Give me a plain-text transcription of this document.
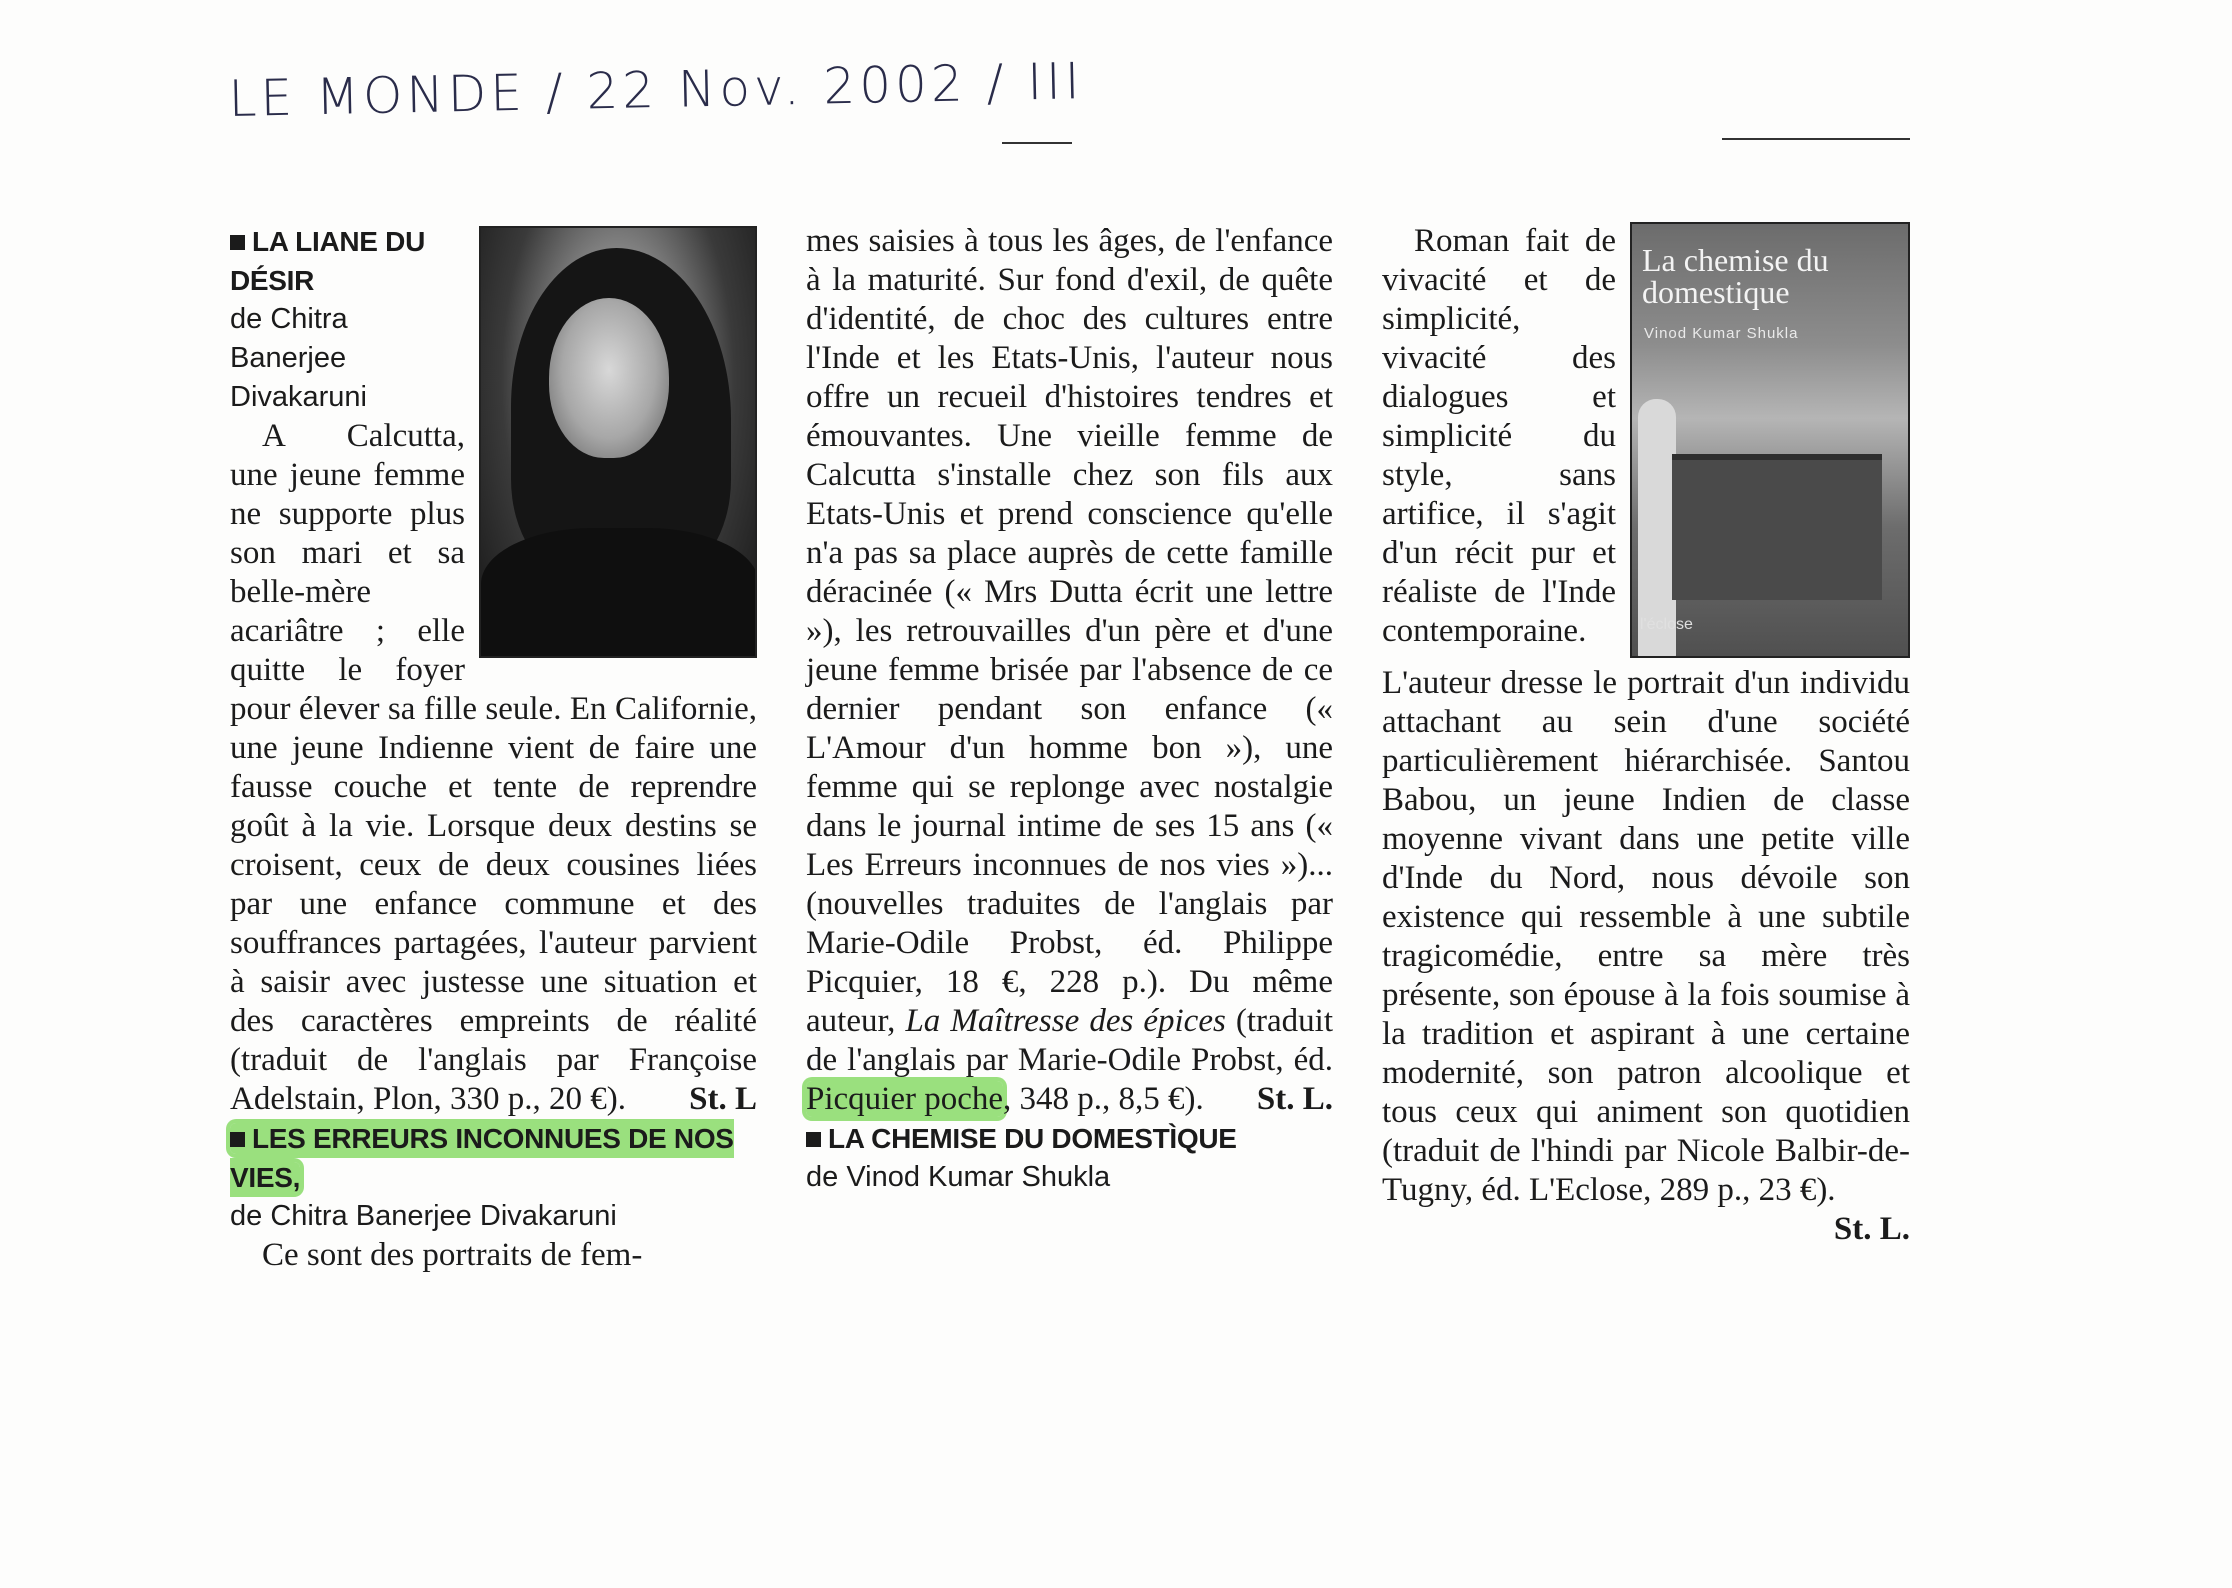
LE MONDE / 22 Nov. 2002 / III
LA LIANE DU DÉSIR
de Chitra Banerjee Divakaruni

A Calcutta, une jeune femme ne supporte plus son mari et sa belle-mère acariâtre ; elle quitte le foyer pour élever sa fille seule. En Californie, une jeune Indienne vient de faire une fausse couche et tente de reprendre goût à la vie. Lorsque deux destins se croisent, ceux de deux cousines liées par une enfance commune et des souffrances partagées, l'auteur parvient à saisir avec justesse une situation et des caractères empreints de réalité (traduit de l'anglais par Françoise Adelstain, Plon, 330 p., 20 €).	St. L

LES ERREURS INCONNUES DE NOS VIES,
de Chitra Banerjee Divakaruni

Ce sont des portraits de fem-

mes saisies à tous les âges, de l'enfance à la maturité. Sur fond d'exil, de quête d'identité, de choc des cultures entre l'Inde et les Etats-Unis, l'auteur nous offre un recueil d'histoires tendres et émouvantes. Une vieille femme de Calcutta s'installe chez son fils aux Etats-Unis et prend conscience qu'elle n'a pas sa place auprès de cette famille déracinée (« Mrs Dutta écrit une lettre »), les retrouvailles d'un père et d'une jeune femme brisée par l'absence de ce dernier pendant son enfance (« L'Amour d'un homme bon »), une femme qui se replonge avec nostalgie dans le journal intime de ses 15 ans (« Les Erreurs inconnues de nos vies »)... (nouvelles traduites de l'anglais par Marie-Odile Probst, éd. Philippe Picquier, 18 €, 228 p.). Du même auteur, La Maîtresse des épices (traduit de l'anglais par Marie-Odile Probst, éd. Picquier poche, 348 p., 8,5 €). St. L.

LA CHEMISE DU DOMESTÌQUE
de Vinod Kumar Shukla
La chemise du domestique
Vinod Kumar Shukla
l'éclose

Roman fait de vivacité et de simplicité, vivacité des dialogues et simplicité du style, sans artifice, il s'agit d'un récit pur et réaliste de l'Inde contemporaine.

L'auteur dresse le portrait d'un individu attachant au sein d'une société particulièrement hiérarchisée. Santou Babou, un jeune Indien de classe moyenne vivant dans une petite ville d'Inde du Nord, nous dévoile son existence qui ressemble à une subtile tragicomédie, entre sa mère très présente, son épouse à la fois soumise à la tradition et aspirant à une certaine modernité, son patron alcoolique et tous ceux qui animent son quotidien (traduit de l'hindi par Nicole Balbir-de-Tugny, éd. L'Eclose, 289 p., 23 €).

St. L.
